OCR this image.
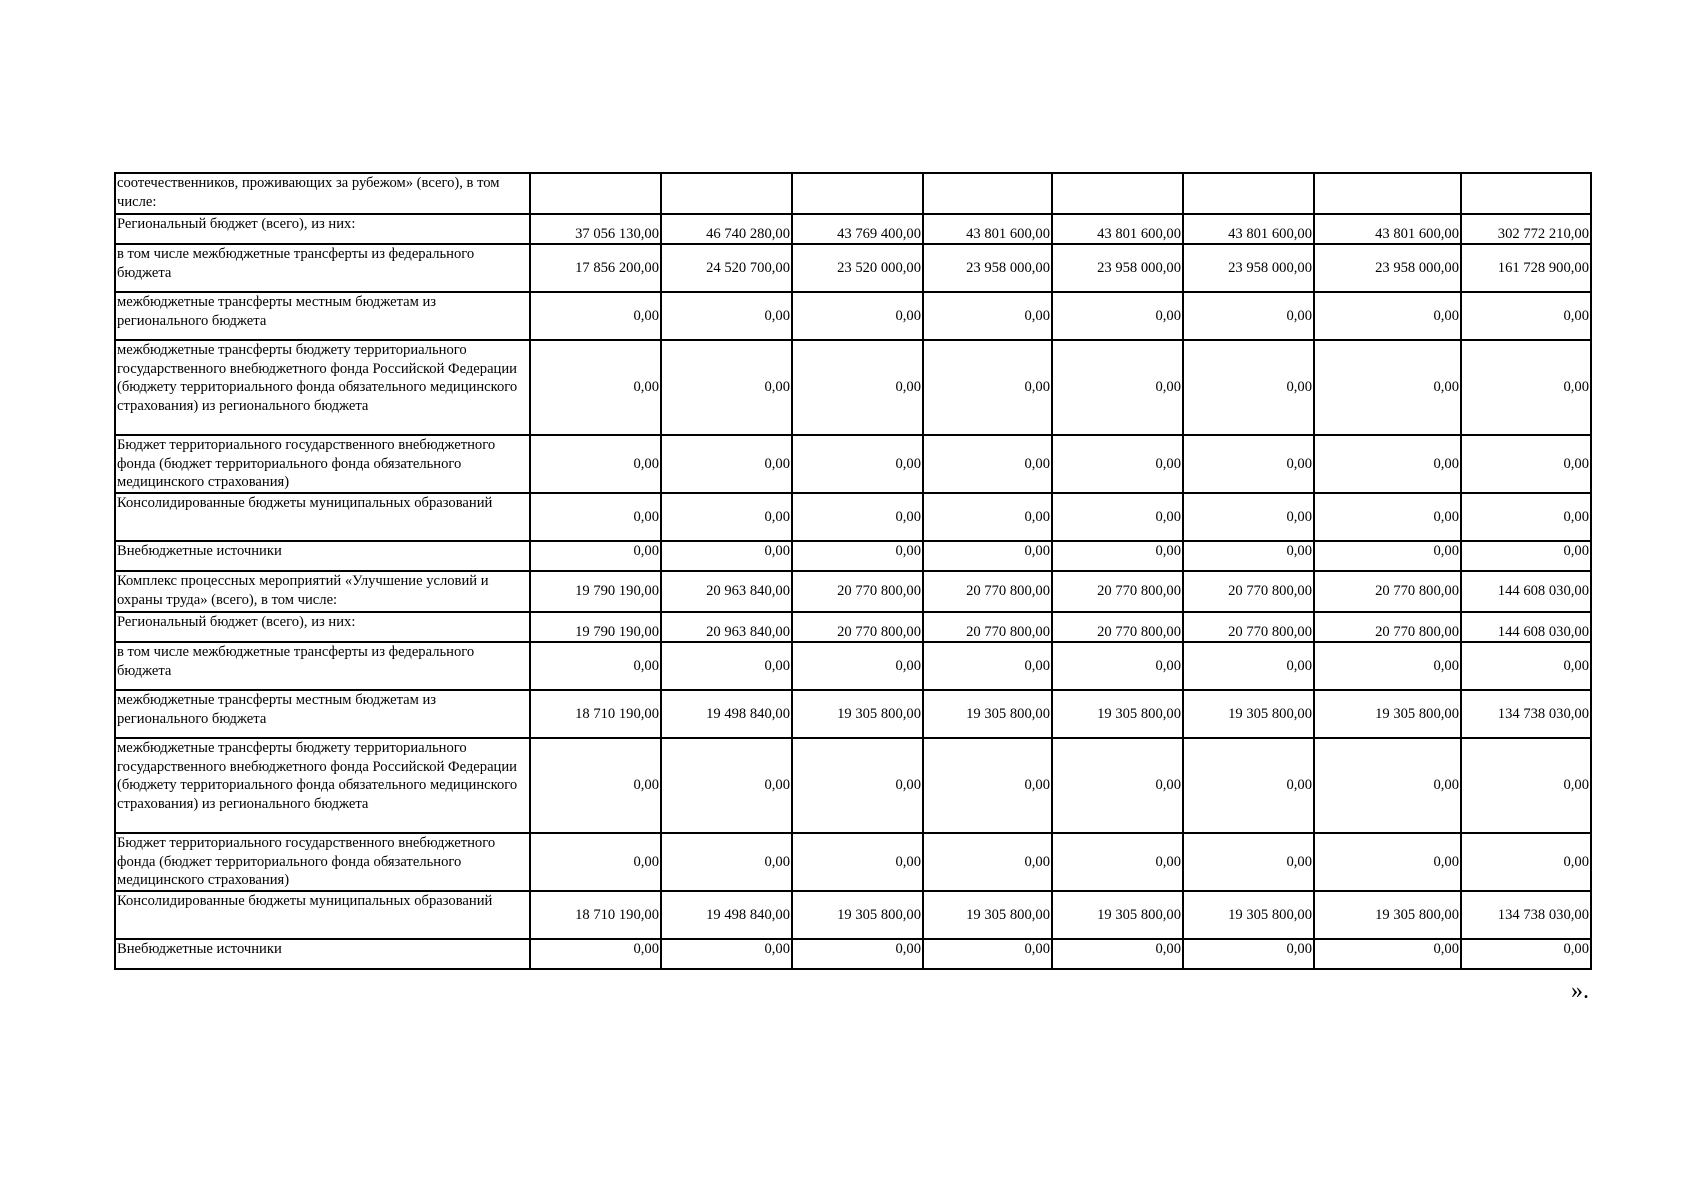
соотечественников, проживающих за рубежом» (всего), в том числе:								
Региональный бюджет (всего), из них:	37 056 130,00	46 740 280,00	43 769 400,00	43 801 600,00	43 801 600,00	43 801 600,00	43 801 600,00	302 772 210,00
в том числе межбюджетные трансферты из федерального бюджета	17 856 200,00	24 520 700,00	23 520 000,00	23 958 000,00	23 958 000,00	23 958 000,00	23 958 000,00	161 728 900,00
межбюджетные трансферты местным бюджетам из регионального бюджета	0,00	0,00	0,00	0,00	0,00	0,00	0,00	0,00
межбюджетные трансферты бюджету территориального государственного внебюджетного фонда Российской Федерации (бюджету территориального фонда обязательного медицинского страхования) из регионального бюджета	0,00	0,00	0,00	0,00	0,00	0,00	0,00	0,00
Бюджет территориального государственного внебюджетного фонда (бюджет территориального фонда обязательного медицинского страхования)	0,00	0,00	0,00	0,00	0,00	0,00	0,00	0,00
Консолидированные бюджеты муниципальных образований	0,00	0,00	0,00	0,00	0,00	0,00	0,00	0,00
Внебюджетные источники	0,00	0,00	0,00	0,00	0,00	0,00	0,00	0,00
Комплекс процессных мероприятий «Улучшение условий и охраны труда» (всего), в том числе:	19 790 190,00	20 963 840,00	20 770 800,00	20 770 800,00	20 770 800,00	20 770 800,00	20 770 800,00	144 608 030,00
Региональный бюджет (всего), из них:	19 790 190,00	20 963 840,00	20 770 800,00	20 770 800,00	20 770 800,00	20 770 800,00	20 770 800,00	144 608 030,00
в том числе межбюджетные трансферты из федерального бюджета	0,00	0,00	0,00	0,00	0,00	0,00	0,00	0,00
межбюджетные трансферты местным бюджетам из регионального бюджета	18 710 190,00	19 498 840,00	19 305 800,00	19 305 800,00	19 305 800,00	19 305 800,00	19 305 800,00	134 738 030,00
межбюджетные трансферты бюджету территориального государственного внебюджетного фонда Российской Федерации (бюджету территориального фонда обязательного медицинского страхования) из регионального бюджета	0,00	0,00	0,00	0,00	0,00	0,00	0,00	0,00
Бюджет территориального государственного внебюджетного фонда (бюджет территориального фонда обязательного медицинского страхования)	0,00	0,00	0,00	0,00	0,00	0,00	0,00	0,00
Консолидированные бюджеты муниципальных образований	18 710 190,00	19 498 840,00	19 305 800,00	19 305 800,00	19 305 800,00	19 305 800,00	19 305 800,00	134 738 030,00
Внебюджетные источники	0,00	0,00	0,00	0,00	0,00	0,00	0,00	0,00
».
